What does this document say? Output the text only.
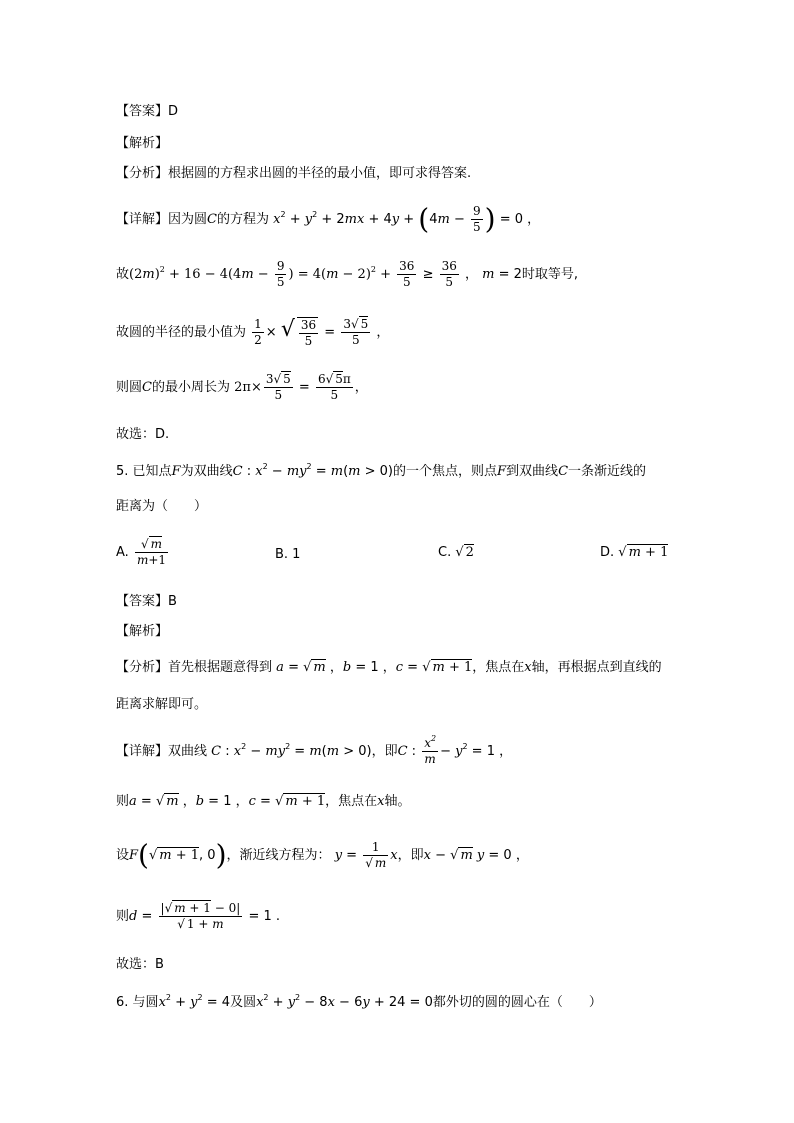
【答案】D
【解析】
【分析】根据圆的方程求出圆的半径的最小值，即可求得答案.
【详解】因为圆C的方程为 $x^2 + y^2 + 2mx + 4y + (4m - \frac{9}{5}$ ) = 0 ，
故$(2m)^2 + 16 - 4(4m - \frac{9}{5}$ ) = $4(m - 2)^2 + \frac{36}{5} \ge \frac{36}{5}$ ， m = 2时取等号,
故圆的半径的最小值为 $\frac{1}{2}$ × √ $\frac{36}{5} = \frac{3 √ 5}{5}$ ，
则圆C的最小周长为 $2\pi\times \frac{3 √ 5}{5} = \frac{6 √ 5\pi}{5}$ ，
故选：D.
5. 已知点F为双曲线C : $x^2 - my^2 = m(m > 0)$的一个焦点，则点F到双曲线C一条渐近线的
距离为（　　）
A. √ $\frac{m}{m+1}$	B. 1	C. √ 2	D. √ m + 1
【答案】B
【解析】
【分析】首先根据题意得到 a = √ m ，b = 1 ，c = √ m + 1，焦点在x轴，再根据点到直线的
距离求解即可。
【详解】双曲线 C : $x^2 - my^2 = m(m > 0)$，即C : $\frac{x^2}{m} - y^2 = 1$ ，
则a = √ m ，b = 1 ，c = √ m + 1，焦点在x轴。
设F( √ m + 1, 0)，渐近线方程为： y = 1
√ m x，即x − √ m y = 0 ，
则d = | √ m + 1 − 0|
√ 1 + m = 1 .
故选：B
6. 与圆$x^2 + y^2 = 4$及圆$x^2 + y^2 - 8x - 6y + 24 = 0$都外切的圆的圆心在（　　）
